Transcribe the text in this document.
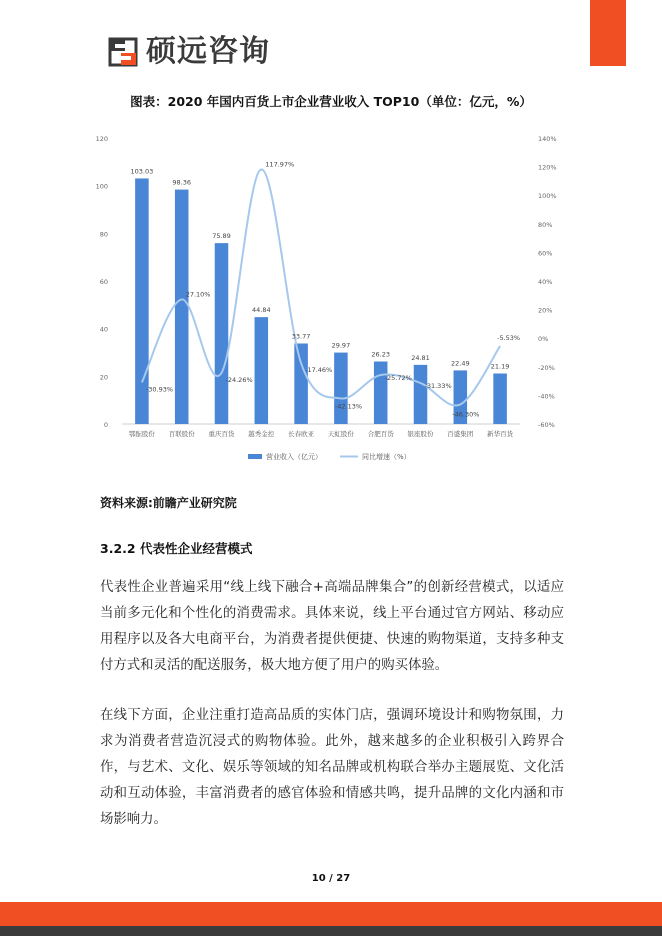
硕远咨询
图表：2020 年国内百货上市企业营业收入 TOP10（单位：亿元，%）
103.03
98.36
75.89
44.84
33.77
29.97
26.23	24.81
22.49	21.19
-30.93%
27.10%
-24.26%
117.97%
-17.46%
-42.13%
-25.72%
-31.33%
-46.30%
-5.53%
0
20
40
60
80
100
120
-60%
-40%
-20%
0%
20%
40%
60%
80%
100%
120%
140%
鄂酝股份 百联股份 重庆百货 越秀金控 长春欧亚 天虹股份 合肥百货 银座股份 百盛集团 新华百货
营业收入（亿元）	同比增速（%）
资料来源:前瞻产业研究院
3.2.2 代表性企业经营模式

代表性企业普遍采用“线上线下融合+高端品牌集合”的创新经营模式，以适应当前多元化和个性化的消费需求。具体来说，线上平台通过官方网站、移动应用程序以及各大电商平台，为消费者提供便捷、快速的购物渠道，支持多种支付方式和灵活的配送服务，极大地方便了用户的购买体验。

在线下方面，企业注重打造高品质的实体门店，强调环境设计和购物氛围，力求为消费者营造沉浸式的购物体验。此外，越来越多的企业积极引入跨界合作，与艺术、文化、娱乐等领域的知名品牌或机构联合举办主题展览、文化活动和互动体验，丰富消费者的感官体验和情感共鸣，提升品牌的文化内涵和市场影响力。

10 / 27
